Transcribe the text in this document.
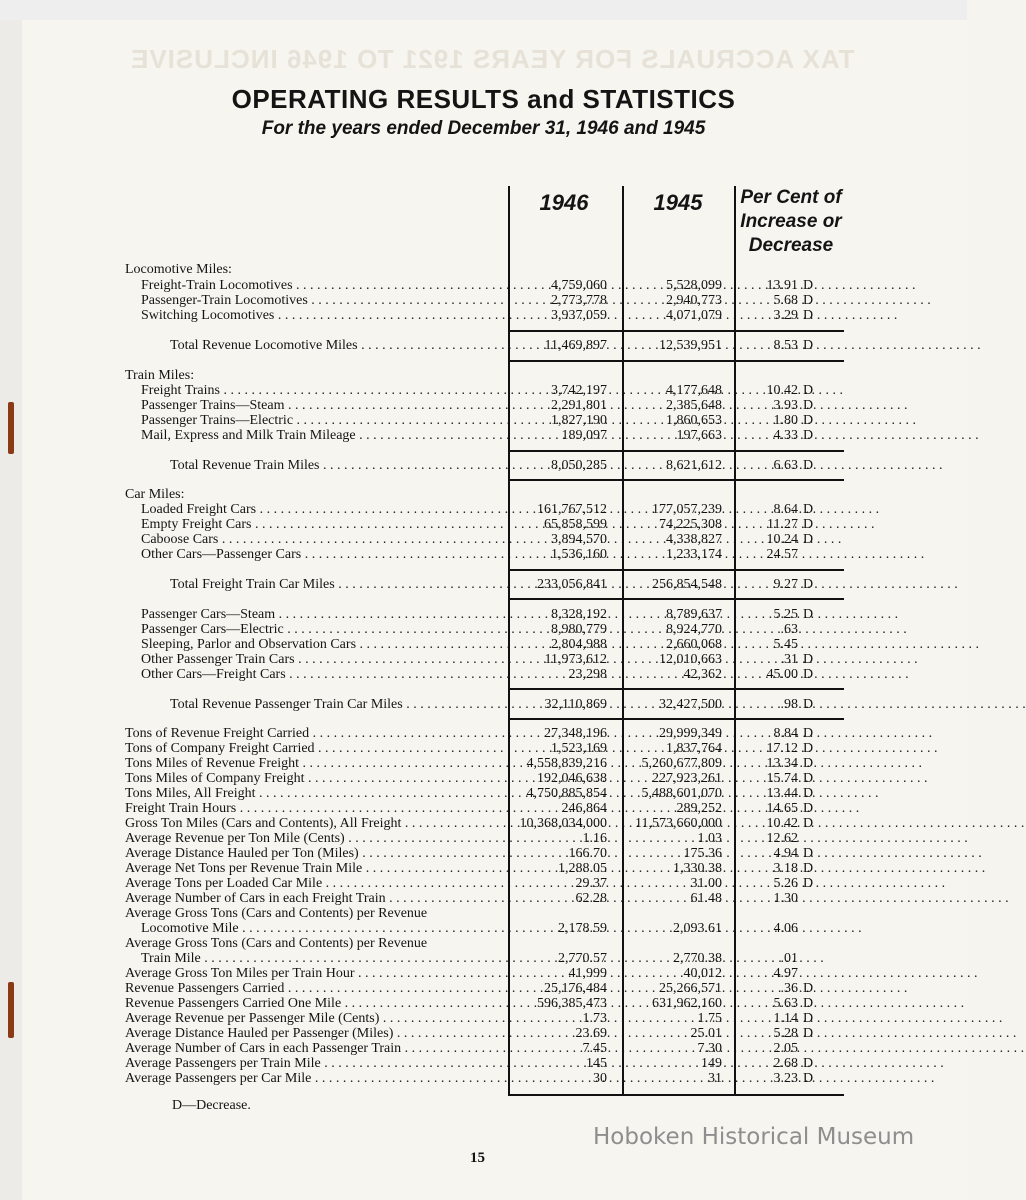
TAX ACCRUALS FOR YEARS 1921 TO 1946 INCLUSIVE
OPERATING RESULTS and STATISTICS
For the years ended December 31, 1946 and 1945
1946	1945	Per Cent of
Increase or
Decrease
Locomotive Miles:
Freight-Train Locomotives . . .	4,759,060	5,528,099	13.91 D
Passenger-Train Locomotives . . .	2,773,778	2,940,773	5.68 D
Switching Locomotives . . .	3,937,059	4,071,079	3.29 D
Total Revenue Locomotive Miles . . .	11,469,897	12,539,951	8.53 D
Train Miles:
Freight Trains . . .	3,742,197	4,177,648	10.42 D
Passenger Trains—Steam . . .	2,291,801	2,385,648	3.93 D
Passenger Trains—Electric . . .	1,827,190	1,860,653	1.80 D
Mail, Express and Milk Train Mileage . . .	189,097	197,663	4.33 D
Total Revenue Train Miles . . .	8,050,285	8,621,612	6.63 D
Car Miles:
Loaded Freight Cars . . .	161,767,512	177,057,239	8.64 D
Empty Freight Cars . . .	65,858,599	74,225,308	11.27 D
Caboose Cars . . .	3,894,570	4,338,827	10.24 D
Other Cars—Passenger Cars . . .	1,536,160	1,233,174	24.57
Total Freight Train Car Miles . . .	233,056,841	256,854,548	9.27 D
Passenger Cars—Steam . . .	8,328,192	8,789,637	5.25 D
Passenger Cars—Electric . . .	8,980,779	8,924,770	.63
Sleeping, Parlor and Observation Cars . . .	2,804,988	2,660,068	5.45
Other Passenger Train Cars . . .	11,973,612	12,010,663	.31 D
Other Cars—Freight Cars . . .	23,298	42,362	45.00 D
Total Revenue Passenger Train Car Miles . . .	32,110,869	32,427,500	.98 D
Tons of Revenue Freight Carried . . .	27,348,196	29,999,349	8.84 D
Tons of Company Freight Carried . . .	1,523,169	1,837,764	17.12 D
Tons Miles of Revenue Freight . . .	4,558,839,216	5,260,677,809	13.34 D
Tons Miles of Company Freight . . .	192,046,638	227,923,261	15.74 D
Tons Miles, All Freight . . .	4,750,885,854	5,488,601,070	13.44 D
Freight Train Hours . . .	246,864	289,252	14.65 D
Gross Ton Miles (Cars and Contents), All Freight . . .	10,368,034,000	11,573,660,000	10.42 D
Average Revenue per Ton Mile (Cents) . . .	1.16	1.03	12.62
Average Distance Hauled per Ton (Miles) . . .	166.70	175.36	4.94 D
Average Net Tons per Revenue Train Mile . . .	1,288.05	1,330.38	3.18 D
Average Tons per Loaded Car Mile . . .	29.37	31.00	5.26 D
Average Number of Cars in each Freight Train . . .	62.28	61.48	1.30
Average Gross Tons (Cars and Contents) per Revenue
Locomotive Mile . . .	2,178.59	2,093.61	4.06
Average Gross Tons (Cars and Contents) per Revenue
Train Mile . . .	2,770.57	2,770.38	.01
Average Gross Ton Miles per Train Hour . . .	41,999	40,012	4.97
Revenue Passengers Carried . . .	25,176,484	25,266,571	.36 D
Revenue Passengers Carried One Mile . . .	596,385,473	631,962,160	5.63 D
Average Revenue per Passenger Mile (Cents) . . .	1.73	1.75	1.14 D
Average Distance Hauled per Passenger (Miles) . . .	23.69	25.01	5.28 D
Average Number of Cars in each Passenger Train . . .	7.45	7.30	2.05
Average Passengers per Train Mile . . .	145	149	2.68 D
Average Passengers per Car Mile . . .	30	31	3.23 D
D—Decrease.
15
Hoboken Historical Museum
